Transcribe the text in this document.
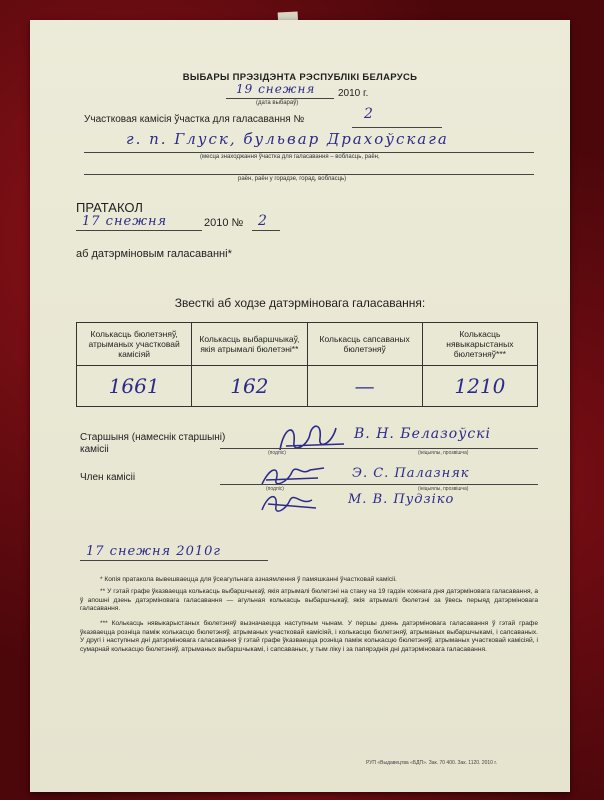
ВЫБАРЫ ПРЭЗІДЭНТА РЭСПУБЛІКІ БЕЛАРУСЬ
19 снежня 2010 г.
(дата выбараў)
Участковая камісія ўчастка для галасавання №	2
г. п. Глуск, бульвар Драхоўскага
(месца знаходжання ўчастка для галасавання – вобласць, раён,
раён, раён у горадзе, горад, вобласць)
ПРАТАКОЛ
17 снежня	2010 № 2
аб датэрміновым галасаванні*
Звесткі аб ходзе датэрміновага галасавання:
Колькасць бюлетэняў, атрыманых участковай камісіяй	Колькасць выбаршчыкаў, якія атрымалі бюлетэні**	Колькасць сапсаваных бюлетэняў	Колькасць нявыкарыстаных бюлетэняў***
1661	162	—	1210
Старшыня (намеснік старшыні)
камісіі
В. Н. Белазоўскі
(подпіс)	(ініцыялы, прозвішча)
Член камісіі	Э. С. Палазняк
(подпіс)	(ініцыялы, прозвішча)
М. В. Пудзіко
17 снежня 2010г
* Копія пратакола вывешваецца для ўсеагульнага азнаямлення ў памяшканні ўчастковай камісіі.
** У гэтай графе ўказваецца колькасць выбаршчыкаў, якія атрымалі бюлетэні на стану на 19 гадзін кожнага дня датэрміновага галасавання, а ў апошні дзень датэрміновага галасавання — агульная колькасць выбаршчыкаў, якія атрымалі бюлетэні за ўвесь перыяд датэрміновага галасавання.
*** Колькасць нявыкарыстаных бюлетэняў вызначаецца наступным чынам. У першы дзень датэрміновага галасавання ў гэтай графе ўказваецца розніца паміж колькасцю бюлетэняў, атрыманых участковай камісіяй, і колькасцю бюлетэняў, атрыманых выбаршчыкамі, і сапсаваных. У другі і наступныя дні датэрміновага галасавання ў гэтай графе ўказваецца розніца паміж колькасцю бюлетэняў, атрыманых участковай камісіяй, і сумарнай колькасцю бюлетэняў, атрыманых выбаршчыкамі, і сапсаваных, у тым ліку і за папярэднія дні датэрміновага галасавання.
РУП «Выдавецтва «БДП». Зак. 70 400. Зак. 1120. 2010 г.
